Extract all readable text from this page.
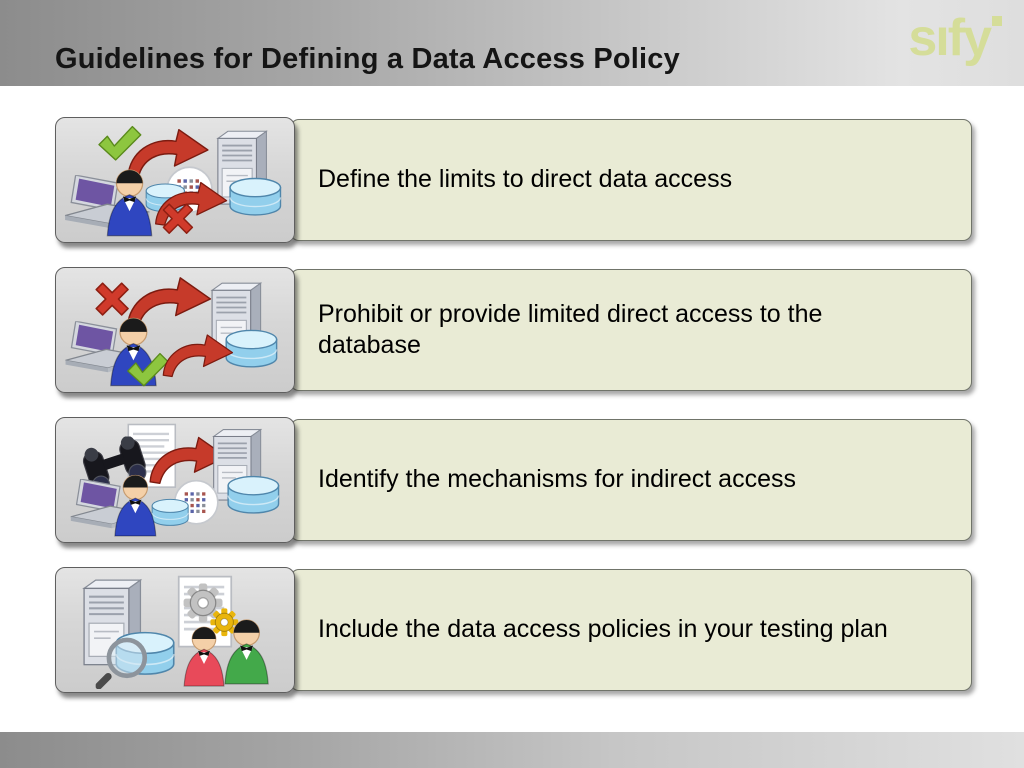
Guidelines for Defining a Data Access Policy	sıfy
Define the limits to direct data access
Prohibit or provide limited direct access to the database
Identify the mechanisms for indirect access
Include the data access policies in your testing plan
